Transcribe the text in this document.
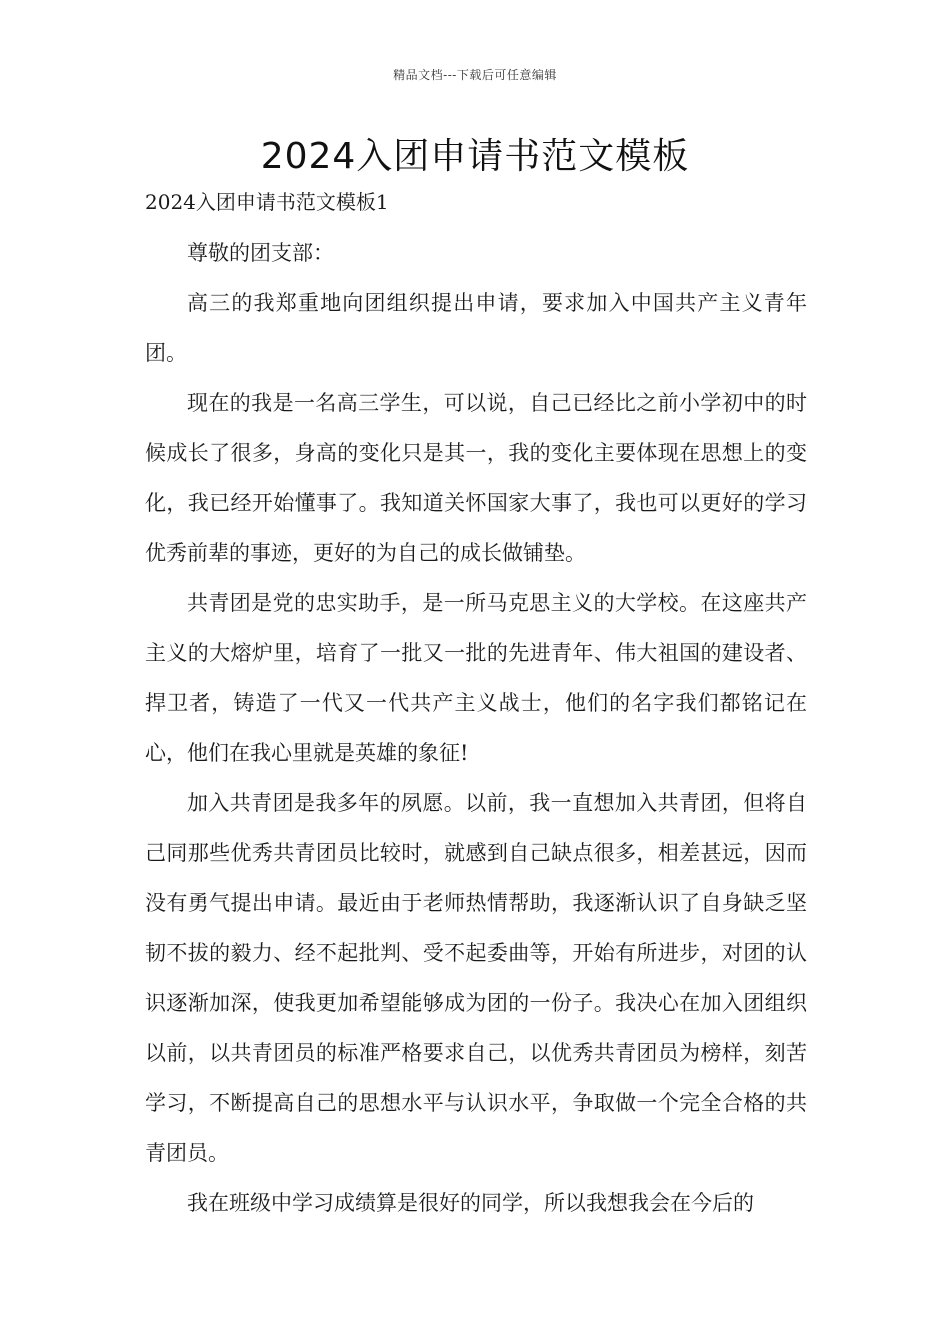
精品文档---下载后可任意编辑
2024入团申请书范文模板
2024入团申请书范文模板1

尊敬的团支部：

高三的我郑重地向团组织提出申请，要求加入中国共产主义青年团。

现在的我是一名高三学生，可以说，自己已经比之前小学初中的时候成长了很多，身高的变化只是其一，我的变化主要体现在思想上的变化，我已经开始懂事了。我知道关怀国家大事了，我也可以更好的学习优秀前辈的事迹，更好的为自己的成长做铺垫。

共青团是党的忠实助手，是一所马克思主义的大学校。在这座共产主义的大熔炉里，培育了一批又一批的先进青年、伟大祖国的建设者、捍卫者，铸造了一代又一代共产主义战士，他们的名字我们都铭记在心，他们在我心里就是英雄的象征!

加入共青团是我多年的夙愿。以前，我一直想加入共青团，但将自己同那些优秀共青团员比较时，就感到自己缺点很多，相差甚远，因而没有勇气提出申请。最近由于老师热情帮助，我逐渐认识了自身缺乏坚韧不拔的毅力、经不起批判、受不起委曲等，开始有所进步，对团的认识逐渐加深，使我更加希望能够成为团的一份子。我决心在加入团组织以前，以共青团员的标准严格要求自己，以优秀共青团员为榜样，刻苦学习，不断提高自己的思想水平与认识水平，争取做一个完全合格的共青团员。

我在班级中学习成绩算是很好的同学，所以我想我会在今后的
